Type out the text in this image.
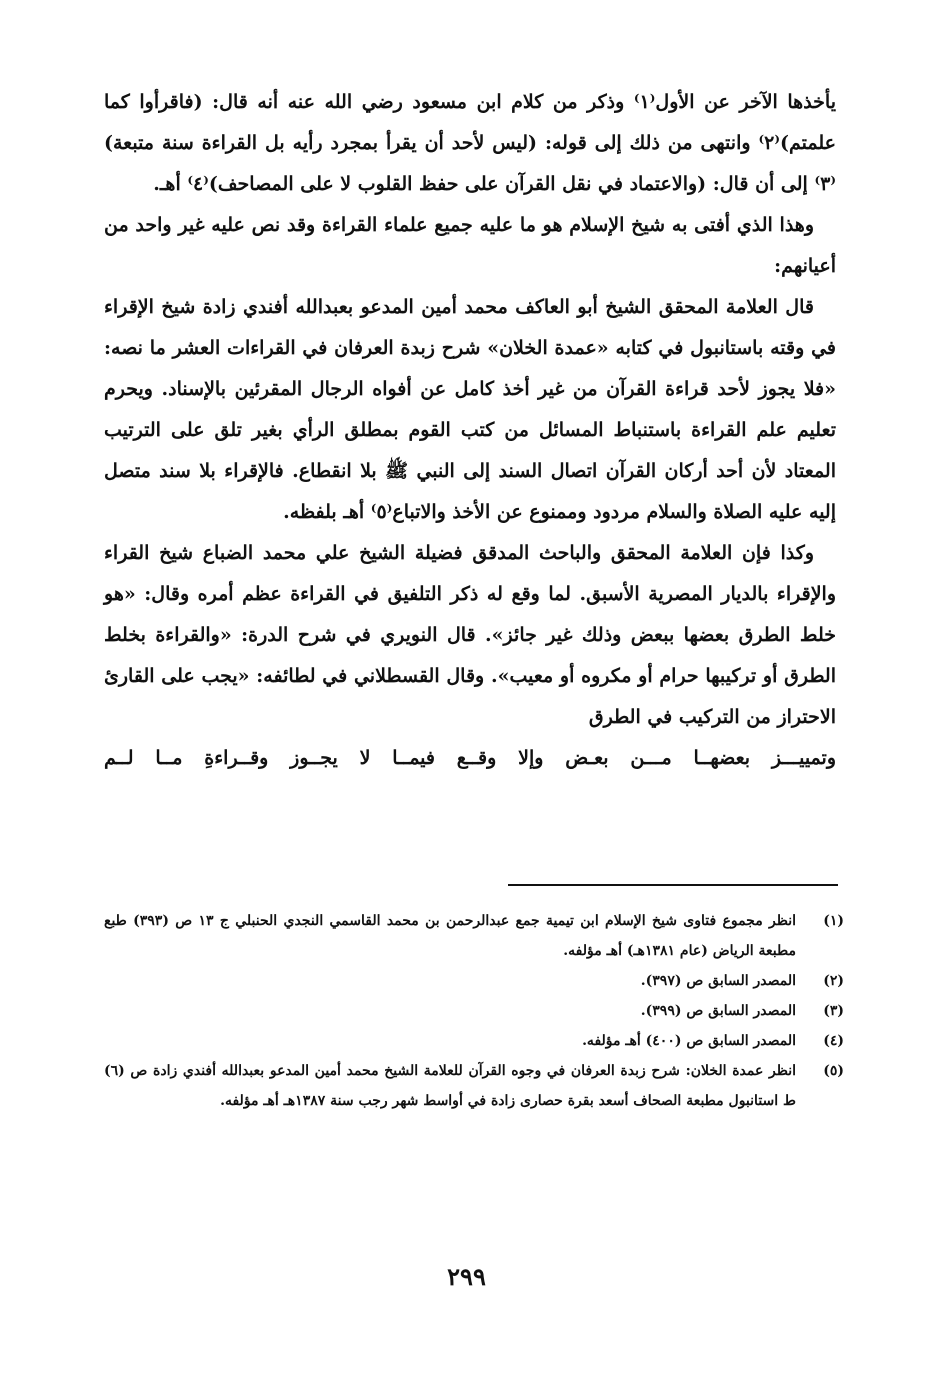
يأخذها الآخر عن الأول⁽١⁾ وذكر من كلام ابن مسعود رضي الله عنه أنه قال: (فاقرأوا كما علمتم)⁽٢⁾ وانتهى من ذلك إلى قوله: (ليس لأحد أن يقرأ بمجرد رأيه بل القراءة سنة متبعة)⁽٣⁾ إلى أن قال: (والاعتماد في نقل القرآن على حفظ القلوب لا على المصاحف)⁽٤⁾ أهـ.

وهذا الذي أفتى به شيخ الإسلام هو ما عليه جميع علماء القراءة وقد نص عليه غير واحد من أعيانهم:

قال العلامة المحقق الشيخ أبو العاكف محمد أمين المدعو بعبدالله أفندي زادة شيخ الإقراء في وقته باستانبول في كتابه «عمدة الخلان» شرح زبدة العرفان في القراءات العشر ما نصه: «فلا يجوز لأحد قراءة القرآن من غير أخذ كامل عن أفواه الرجال المقرئين بالإسناد. ويحرم تعليم علم القراءة باستنباط المسائل من كتب القوم بمطلق الرأي بغير تلق على الترتيب المعتاد لأن أحد أركان القرآن اتصال السند إلى النبي ﷺ بلا انقطاع. فالإقراء بلا سند متصل إليه عليه الصلاة والسلام مردود وممنوع عن الأخذ والاتباع⁽٥⁾ أهـ بلفظه.

وكذا فإن العلامة المحقق والباحث المدقق فضيلة الشيخ علي محمد الضباع شيخ القراء والإقراء بالديار المصرية الأسبق. لما وقع له ذكر التلفيق في القراءة عظم أمره وقال: «هو خلط الطرق بعضها ببعض وذلك غير جائز». قال النويري في شرح الدرة: «والقراءة بخلط الطرق أو تركيبها حرام أو مكروه أو معيب». وقال القسطلاني في لطائفه: «يجب على القارئ الاحتراز من التركيب في الطرق

وتمييـــز بعضهــا مـــن بعـض وإلا وقــع فيمــا لا يجــوز وقــراءةِ مــا لــم

(١)
انظر مجموع فتاوى شيخ الإسلام ابن تيمية جمع عبدالرحمن بن محمد القاسمي النجدي الحنبلي ج ١٣ ص (٣٩٣) طبع مطبعة الرياض (عام ١٣٨١هـ) أهـ مؤلفه.
(٢)
المصدر السابق ص (٣٩٧).
(٣)
المصدر السابق ص (٣٩٩).
(٤)
المصدر السابق ص (٤٠٠) أهـ مؤلفه.
(٥)
انظر عمدة الخلان: شرح زبدة العرفان في وجوه القرآن للعلامة الشيخ محمد أمين المدعو بعبدالله أفندي زادة ص (٦) ط استانبول مطبعة الصحاف أسعد بقرة حصارى زادة في أواسط شهر رجب سنة ١٣٨٧هـ أهـ مؤلفه.
٢٩٩
